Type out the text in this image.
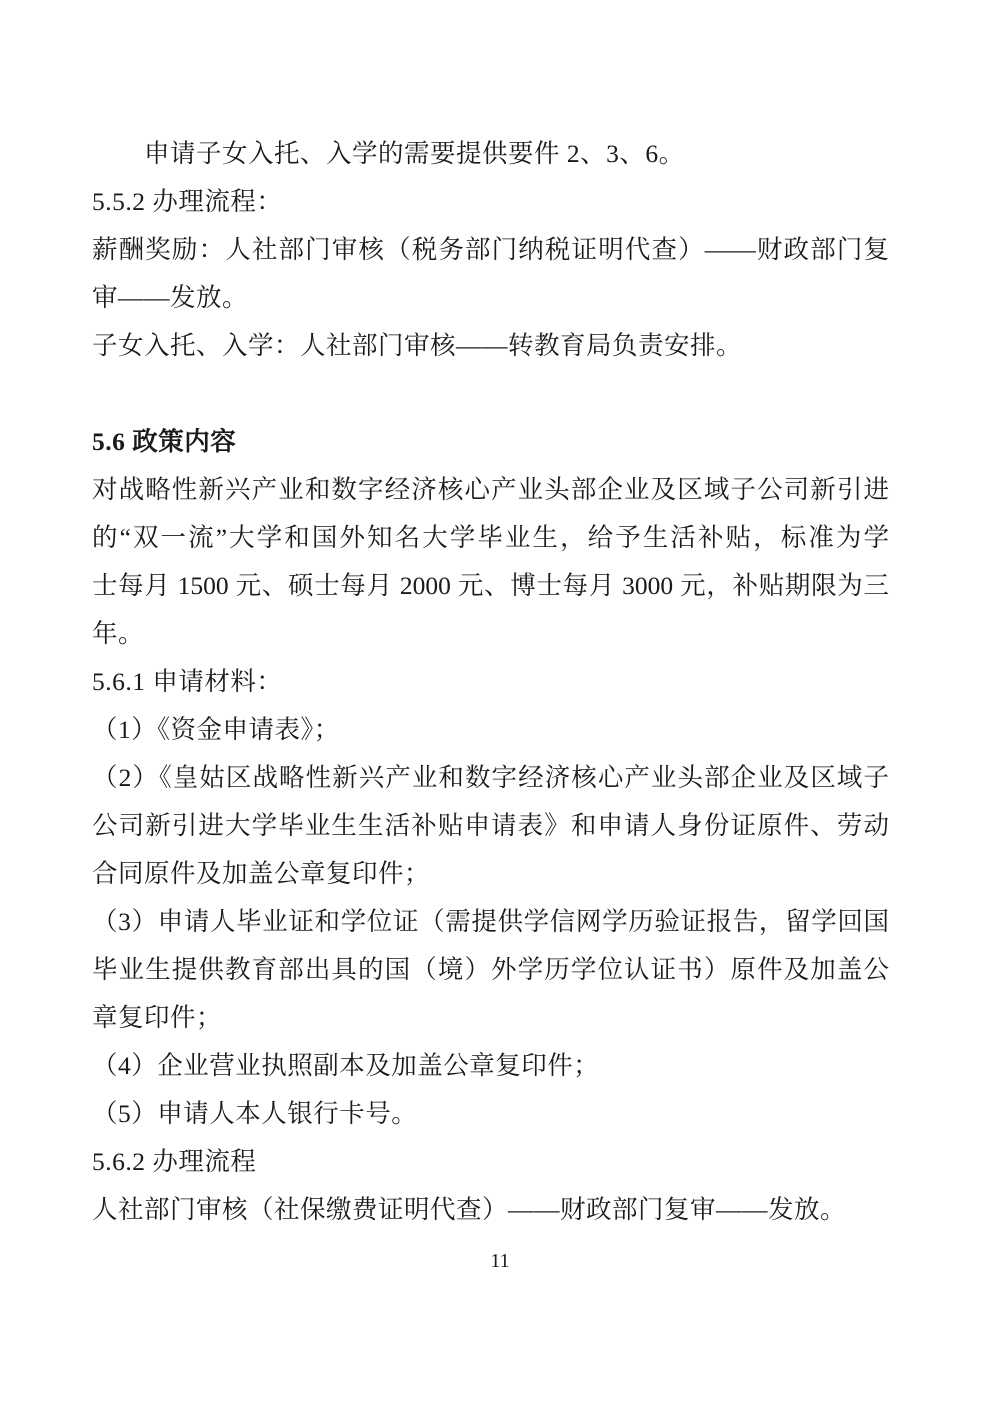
申请子女入托、入学的需要提供要件 2、3、6。
5.5.2 办理流程：
薪酬奖励：人社部门审核（税务部门纳税证明代查）——财政部门复
审——发放。
子女入托、入学：人社部门审核——转教育局负责安排。
5.6 政策内容
对战略性新兴产业和数字经济核心产业头部企业及区域子公司新引进
的“双一流”大学和国外知名大学毕业生，给予生活补贴，标准为学
士每月 1500 元、硕士每月 2000 元、博士每月 3000 元，补贴期限为三
年。
5.6.1 申请材料：
（1）《资金申请表》；
（2）《皇姑区战略性新兴产业和数字经济核心产业头部企业及区域子
公司新引进大学毕业生生活补贴申请表》和申请人身份证原件、劳动
合同原件及加盖公章复印件；
（3）申请人毕业证和学位证（需提供学信网学历验证报告，留学回国
毕业生提供教育部出具的国（境）外学历学位认证书）原件及加盖公
章复印件；
（4）企业营业执照副本及加盖公章复印件；
（5）申请人本人银行卡号。
5.6.2 办理流程
人社部门审核（社保缴费证明代查）——财政部门复审——发放。
11
